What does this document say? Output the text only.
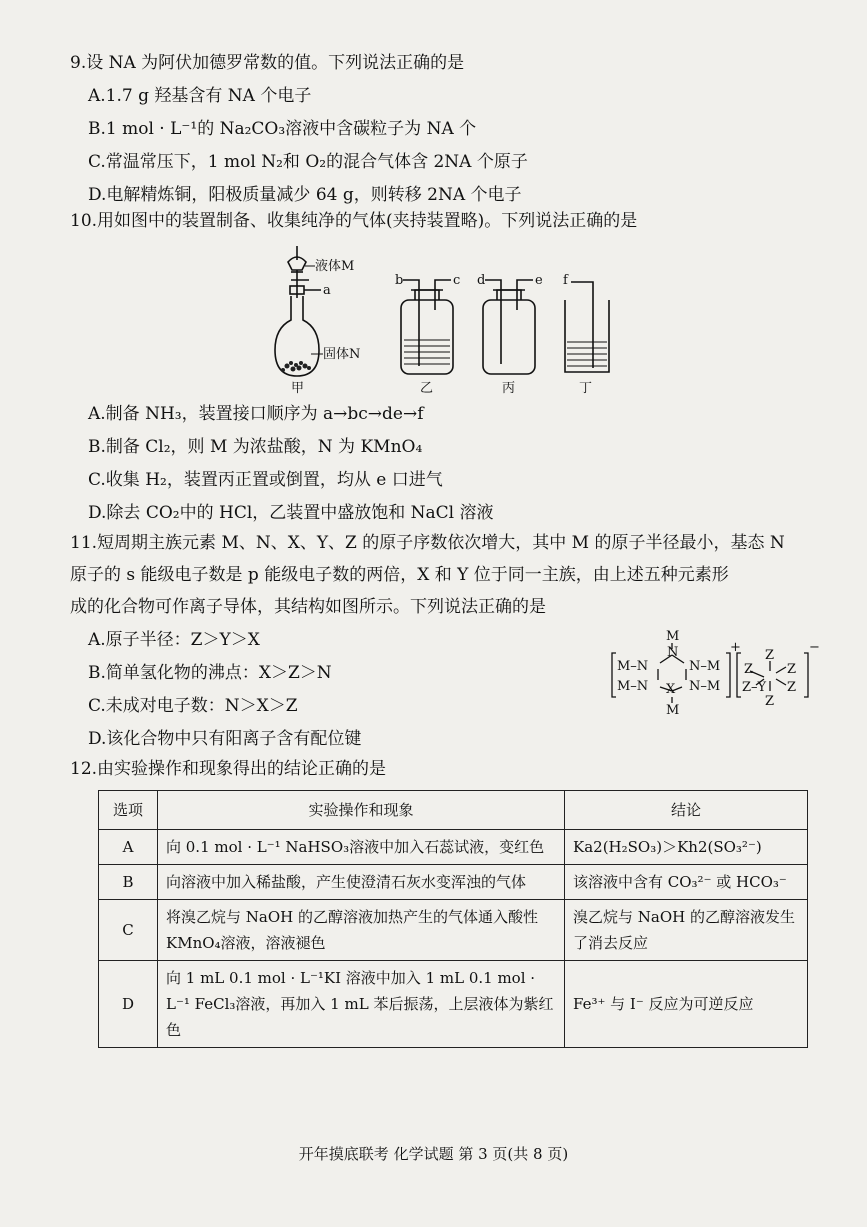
9.设 NA 为阿伏加德罗常数的值。下列说法正确的是
A.1.7 g 羟基含有 NA 个电子
B.1 mol · L⁻¹的 Na₂CO₃溶液中含碳粒子为 NA 个
C.常温常压下，1 mol N₂和 O₂的混合气体含 2NA 个原子
D.电解精炼铜，阳极质量减少 64 g，则转移 2NA 个电子
10.用如图中的装置制备、收集纯净的气体(夹持装置略)。下列说法正确的是
液体M
a
固体N
b	c d	e f
甲	乙	丙	丁
A.制备 NH₃，装置接口顺序为 a→bc→de→f
B.制备 Cl₂，则 M 为浓盐酸，N 为 KMnO₄
C.收集 H₂，装置丙正置或倒置，均从 e 口进气
D.除去 CO₂中的 HCl，乙装置中盛放饱和 NaCl 溶液
11.短周期主族元素 M、N、X、Y、Z 的原子序数依次增大，其中 M 的原子半径最小，基态 N
原子的 s 能级电子数是 p 能级电子数的两倍，X 和 Y 位于同一主族，由上述五种元素形
成的化合物可作离子导体，其结构如图所示。下列说法正确的是
A.原子半径：Z＞Y＞X
B.简单氢化物的沸点：X＞Z＞N
C.未成对电子数：N＞X＞Z
D.该化合物中只有阳离子含有配位键
M
N
M–N	N–M
M–N X N–M
M
+
Z
Z	Z
Z–Y Z
Z
−
12.由实验操作和现象得出的结论正确的是
选项	实验操作和现象	结论
A	向 0.1 mol · L⁻¹ NaHSO₃溶液中加入石蕊试液，变红色	Ka2(H₂SO₃)＞Kh2(SO₃²⁻)
B	向溶液中加入稀盐酸，产生使澄清石灰水变浑浊的气体	该溶液中含有 CO₃²⁻ 或 HCO₃⁻
C	将溴乙烷与 NaOH 的乙醇溶液加热产生的气体通入酸性 KMnO₄溶液，溶液褪色	溴乙烷与 NaOH 的乙醇溶液发生了消去反应
D	向 1 mL 0.1 mol · L⁻¹KI 溶液中加入 1 mL 0.1 mol · L⁻¹ FeCl₃溶液，再加入 1 mL 苯后振荡，上层液体为紫红色	Fe³⁺ 与 I⁻ 反应为可逆反应
开年摸底联考 化学试题 第 3 页(共 8 页)
